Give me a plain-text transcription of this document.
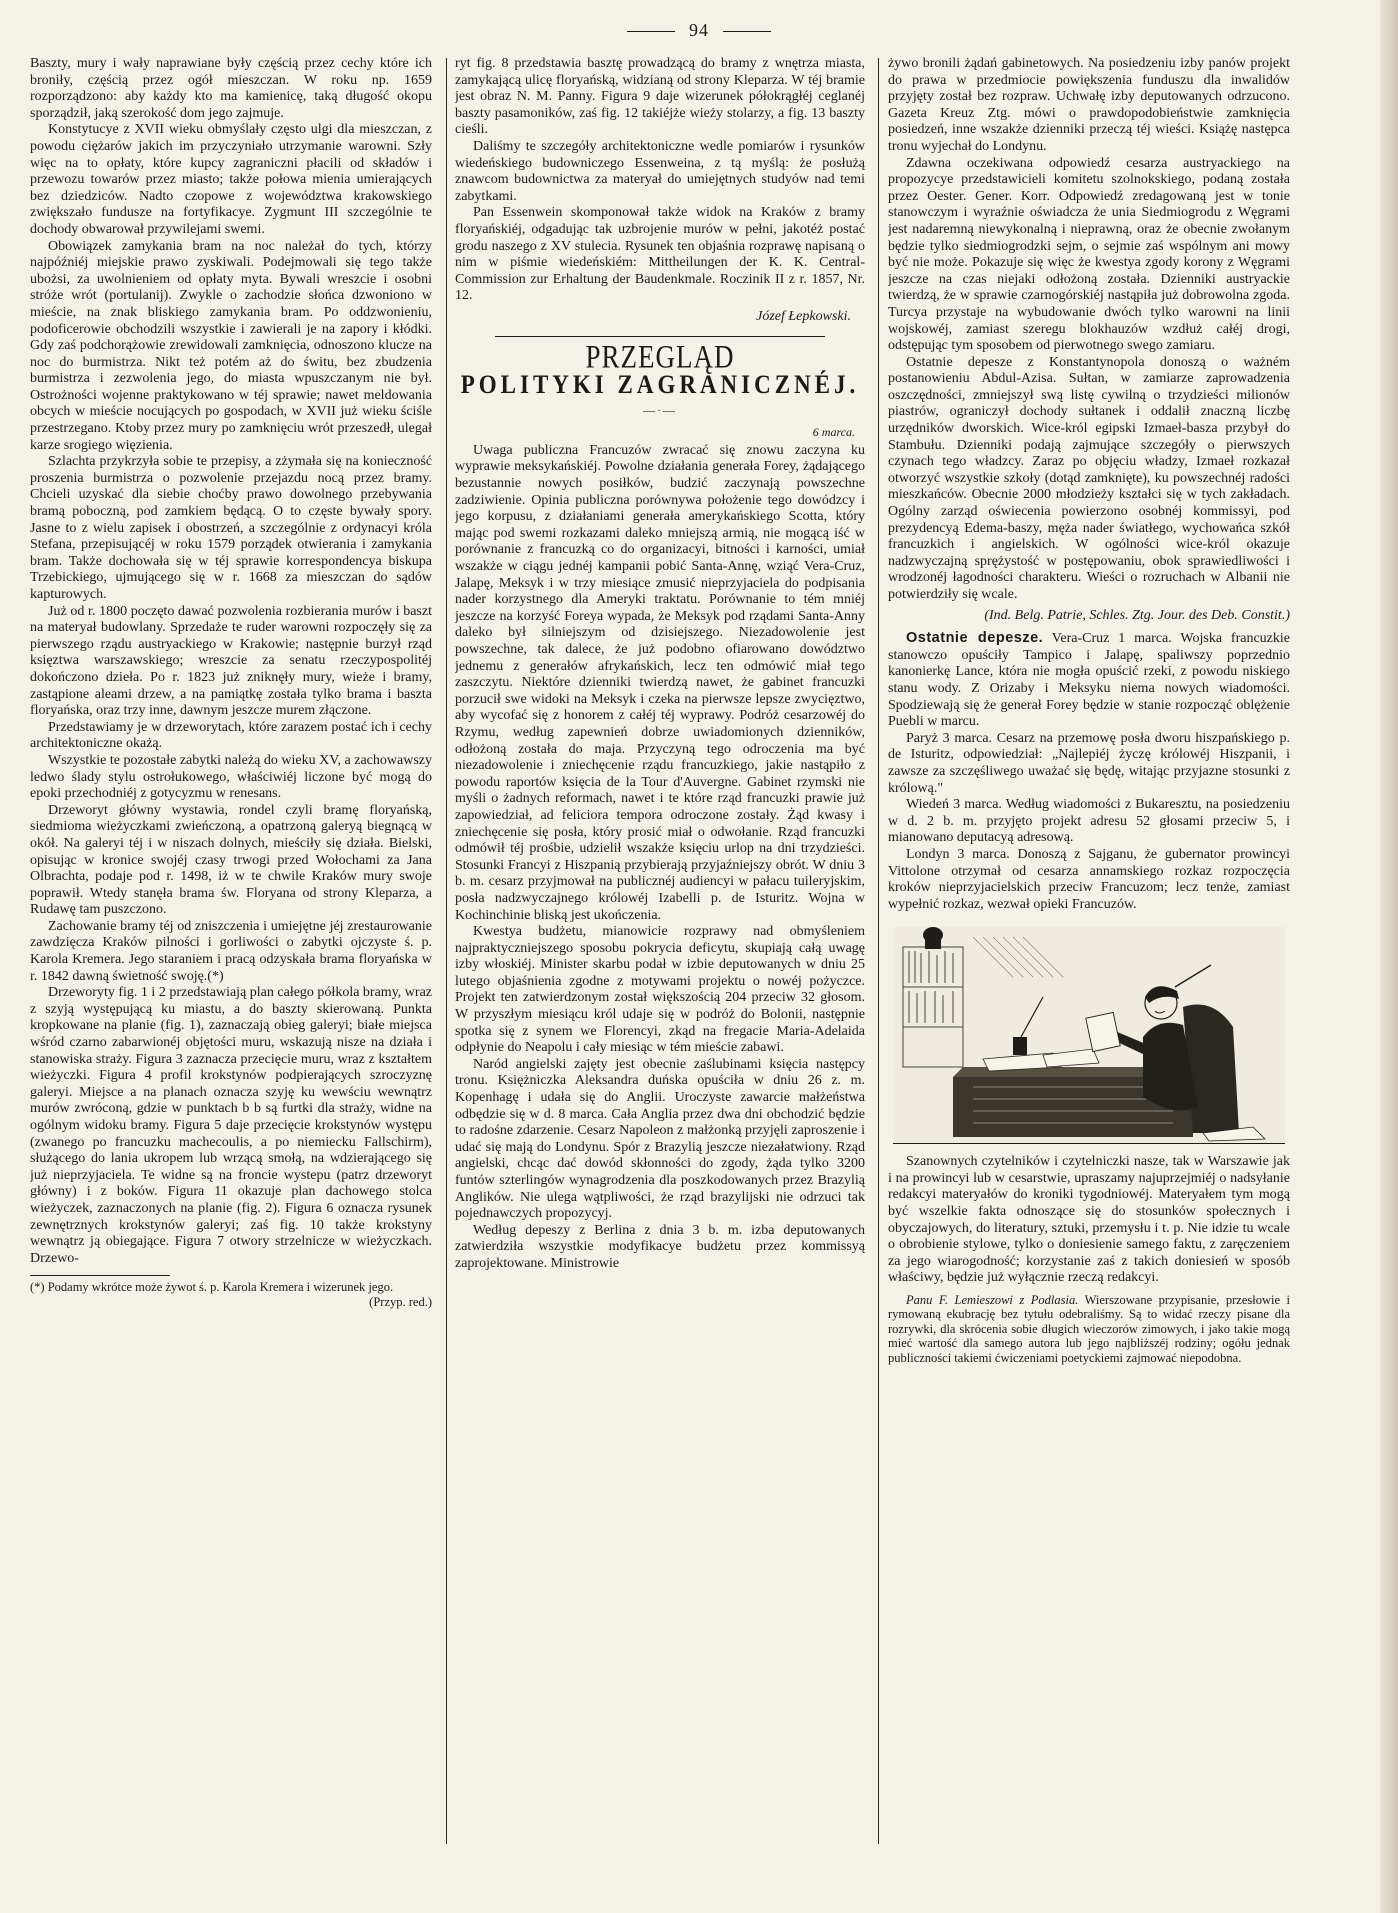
94

Baszty, mury i wały naprawiane były częścią przez cechy które ich broniły, częścią przez ogół mieszczan. W roku np. 1659 rozporządzono: aby każdy kto ma kamienicę, taką długość okopu sporządził, jaką szerokość dom jego zajmuje.

Konstytucye z XVII wieku obmyślały często ulgi dla mieszczan, z powodu ciężarów jakich im przyczyniało utrzymanie warowni. Szły więc na to opłaty, które kupcy zagraniczni płacili od składów i przewozu towarów przez miasto; także połowa mienia umierających bez dziedziców. Nadto czopowe z województwa krakowskiego zwiększało fundusze na fortyfikacye. Zygmunt III szczególnie te dochody obwarował przywilejami swemi.

Obowiązek zamykania bram na noc należał do tych, którzy najpóźniéj miejskie prawo zyskiwali. Podejmowali się tego także ubożsi, za uwolnieniem od opłaty myta. Bywali wreszcie i osobni stróże wrót (portulanij). Zwykle o zachodzie słońca dzwoniono w mieście, na znak bliskiego zamykania bram. Po oddzwonieniu, podoficerowie obchodzili wszystkie i zawierali je na zapory i kłódki. Gdy zaś podchorążowie zrewidowali zamknięcia, odnoszono klucze na noc do burmistrza. Nikt też potém aż do świtu, bez zbudzenia burmistrza i zezwolenia jego, do miasta wpuszczanym nie był. Ostrożności wojenne praktykowano w téj sprawie; nawet meldowania obcych w mieście nocujących po gospodach, w XVII już wieku ściśle przestrzegano. Ktoby przez mury po zamknięciu wrót przeszedł, ulegał karze srogiego więzienia.

Szlachta przykrzyła sobie te przepisy, a zżymała się na konieczność proszenia burmistrza o pozwolenie przejazdu nocą przez bramy. Chcieli uzyskać dla siebie choćby prawo dowolnego przebywania bramą poboczną, pod zamkiem będącą. O to częste bywały spory. Jasne to z wielu zapisek i obostrzeń, a szczególnie z ordynacyi króla Stefana, przepisującéj w roku 1579 porządek otwierania i zamykania bram. Także dochowała się w téj sprawie korrespondencya biskupa Trzebickiego, ujmującego się w r. 1668 za mieszczan do sądów kapturowych.

Już od r. 1800 poczęto dawać pozwolenia rozbierania murów i baszt na materyał budowlany. Sprzedaże te ruder warowni rozpoczęły się za pierwszego rządu austryackiego w Krakowie; następnie burzył rząd księztwa warszawskiego; wreszcie za senatu rzeczypospolitéj dokończono dzieła. Po r. 1823 już zniknęły mury, wieże i bramy, zastąpione aleami drzew, a na pamiątkę została tylko brama i baszta floryańska, oraz trzy inne, dawnym jeszcze murem złączone.

Przedstawiamy je w drzeworytach, które zarazem postać ich i cechy architektoniczne okażą.

Wszystkie te pozostałe zabytki należą do wieku XV, a zachowawszy ledwo ślady stylu ostrołukowego, właściwiéj liczone być mogą do epoki przechodniéj z gotycyzmu w renesans.

Drzeworyt główny wystawia, rondel czyli bramę floryańską, siedmioma wieżyczkami zwieńczoną, a opatrzoną galeryą biegnącą w okół. Na galeryi téj i w niszach dolnych, mieściły się działa. Bielski, opisując w kronice swojéj czasy trwogi przed Wołochami za Jana Olbrachta, podaje pod r. 1498, iż w te chwile Kraków mury swoje poprawił. Wtedy stanęła brama św. Floryana od strony Kleparza, a Rudawę tam puszczono.

Zachowanie bramy téj od zniszczenia i umiejętne jéj zrestaurowanie zawdzięcza Kraków pilności i gorliwości o zabytki ojczyste ś. p. Karola Kremera. Jego staraniem i pracą odzyskała brama floryańska w r. 1842 dawną świetność swoję.(*)

Drzeworyty fig. 1 i 2 przedstawiają plan całego półkola bramy, wraz z szyją występującą ku miastu, a do baszty skierowaną. Punkta kropkowane na planie (fig. 1), zaznaczają obieg galeryi; białe miejsca wśród czarno zabarwionéj objętości muru, wskazują nisze na działa i stanowiska straży. Figura 3 zaznacza przecięcie muru, wraz z kształtem wieżyczki. Figura 4 profil krokstynów podpierających szroczyznę galeryi. Miejsce a na planach oznacza szyję ku wewściu wewnątrz murów zwróconą, gdzie w punktach b b są furtki dla straży, widne na ogólnym widoku bramy. Figura 5 daje przecięcie krokstynów występu (zwanego po francuzku machecoulis, a po niemiecku Fallschirm), służącego do lania ukropem lub wrzącą smołą, na wdzierającego się już nieprzyjaciela. Te widne są na froncie wystepu (patrz drzeworyt główny) i z boków. Figura 11 okazuje plan dachowego stolca wieżyczek, zaznaczonych na planie (fig. 2). Figura 6 oznacza rysunek zewnętrznych krokstynów galeryi; zaś fig. 10 także krokstyny wewnątrz ją obiegające. Figura 7 otwory strzelnicze w wieżyczkach. Drzewo-

(*) Podamy wkrótce może żywot ś. p. Karola Kremera i wizerunek jego.
(Przyp. red.)

ryt fig. 8 przedstawia basztę prowadzącą do bramy z wnętrza miasta, zamykającą ulicę floryańską, widzianą od strony Kleparza. W téj bramie jest obraz N. M. Panny. Figura 9 daje wizerunek półokrągłéj ceglanéj baszty pasamoników, zaś fig. 12 takiéjże wieży stolarzy, a fig. 13 baszty cieśli.

Daliśmy te szczegóły architektoniczne wedle pomiarów i rysunków wiedeńskiego budowniczego Essenweina, z tą myślą: że posłużą znawcom budownictwa za materyał do umiejętnych studyów nad temi zabytkami.

Pan Essenwein skomponował także widok na Kraków z bramy floryańskiéj, odgadując tak uzbrojenie murów w pełni, jakotéż postać grodu naszego z XV stulecia. Rysunek ten objaśnia rozprawę napisaną o nim w piśmie wiedeńskiém: Mittheilungen der K. K. Central-Commission zur Erhaltung der Baudenkmale. Roczinik II z r. 1857, Nr. 12.

Józef Łepkowski.
PRZEGLĄD
POLITYKI ZAGRANICZNÉJ.
—·—
6 marca.

Uwaga publiczna Francuzów zwracać się znowu zaczyna ku wyprawie meksykańskiéj. Powolne działania generała Forey, żądającego bezustannie nowych posiłków, budzić zaczynają powszechne zadziwienie. Opinia publiczna porównywa położenie tego dowódzcy i jego korpusu, z działaniami generała amerykańskiego Scotta, który mając pod swemi rozkazami daleko mniejszą armią, nie mogącą iść w porównanie z francuzką co do organizacyi, bitności i karności, umiał wszakże w ciągu jednéj kampanii pobić Santa-Annę, wziąć Vera-Cruz, Jalapę, Meksyk i w trzy miesiące zmusić nieprzyjaciela do podpisania nader korzystnego dla Ameryki traktatu. Porównanie to tém mniéj jeszcze na korzyść Foreya wypada, że Meksyk pod rządami Santa-Anny daleko był silniejszym od dzisiejszego. Niezadowolenie jest powszechne, tak dalece, że już podobno ofiarowano dowództwo jednemu z generałów afrykańskich, lecz ten odmówić miał tego zaszczytu. Niektóre dzienniki twierdzą nawet, że gabinet francuzki porzucił swe widoki na Meksyk i czeka na pierwsze lepsze zwycięztwo, aby wycofać się z honorem z całéj téj wyprawy. Podróż cesarzowéj do Rzymu, według zapewnień dobrze uwiadomionych dzienników, odłożoną została do maja. Przyczyną tego odroczenia ma być niezadowolenie i zniechęcenie rządu francuzkiego, jakie nastąpiło z powodu raportów księcia de la Tour d'Auvergne. Gabinet rzymski nie myśli o żadnych reformach, nawet i te które rząd francuzki prawie już zapowiedział, ad feliciora tempora odroczone zostały. Żąd kwasy i zniechęcenie się posła, który prosić miał o odwołanie. Rząd francuzki odmówił téj prośbie, udzielił wszakże księciu urlop na dni trzydzieści. Stosunki Francyi z Hiszpanią przybierają przyjaźniejszy obrót. W dniu 3 b. m. cesarz przyjmował na publicznéj audiencyi w pałacu tuileryjskim, posła nadzwyczajnego królowéj Izabelli p. de Isturitz. Wojna w Kochinchinie bliską jest ukończenia.

Kwestya budżetu, mianowicie rozprawy nad obmyśleniem najpraktyczniejszego sposobu pokrycia deficytu, skupiają całą uwagę izby włoskiéj. Minister skarbu podał w izbie deputowanych w dniu 25 lutego objaśnienia zgodne z motywami projektu o nowéj pożyczce. Projekt ten zatwierdzonym został większością 204 przeciw 32 głosom. W przyszłym miesiącu król udaje się w podróż do Bolonii, następnie spotka się z synem we Florencyi, zkąd na fregacie Maria-Adelaida odpłynie do Neapolu i cały miesiąc w tém mieście zabawi.

Naród angielski zajęty jest obecnie zaślubinami księcia następcy tronu. Księżniczka Aleksandra duńska opuściła w dniu 26 z. m. Kopenhagę i udała się do Anglii. Uroczyste zawarcie małżeństwa odbędzie się w d. 8 marca. Cała Anglia przez dwa dni obchodzić będzie to radośne zdarzenie. Cesarz Napoleon z małżonką przyjęli zaproszenie i udać się mają do Londynu. Spór z Brazylią jeszcze niezałatwiony. Rząd angielski, chcąc dać dowód skłonności do zgody, żąda tylko 3200 funtów szterlingów wynagrodzenia dla poszkodowanych przez Brazylią Anglików. Nie ulega wątpliwości, że rząd brazylijski nie odrzuci tak pojednawczych propozycyj.

Według depeszy z Berlina z dnia 3 b. m. izba deputowanych zatwierdziła wszystkie modyfikacye budżetu przez kommissyą zaprojektowane. Ministrowie

żywo bronili żądań gabinetowych. Na posiedzeniu izby panów projekt do prawa w przedmiocie powiększenia funduszu dla inwalidów przyjęty został bez rozpraw. Uchwałę izby deputowanych odrzucono. Gazeta Kreuz Ztg. mówi o prawdopodobieństwie zamknięcia posiedzeń, inne wszakże dzienniki przeczą téj wieści. Książę następca tronu wyjechał do Londynu.

Zdawna oczekiwana odpowiedź cesarza austryackiego na propozycye przedstawicieli komitetu szolnokskiego, podaną została przez Oester. Gener. Korr. Odpowiedź zredagowaną jest w tonie stanowczym i wyraźnie oświadcza że unia Siedmiogrodu z Węgrami jest nadaremną niewykonalną i nieprawną, oraz że obecnie zwołanym będzie tylko siedmiogrodzki sejm, o sejmie zaś wspólnym ani mowy być nie może. Pokazuje się więc że kwestya zgody korony z Węgrami jeszcze na czas niejaki odłożoną została. Dzienniki austryackie twierdzą, że w sprawie czarnogórskiéj nastąpiła już dobrowolna zgoda. Turcya przystaje na wybudowanie dwóch tylko warowni na linii wojskowéj, zamiast szeregu blokhauzów wzdłuż całéj drogi, odstępując tym sposobem od pierwotnego swego zamiaru.

Ostatnie depesze z Konstantynopola donoszą o ważném postanowieniu Abdul-Azisa. Sułtan, w zamiarze zaprowadzenia oszczędności, zmniejszył swą listę cywilną o trzydzieści milionów piastrów, ograniczył dochody sułtanek i oddalił znaczną liczbę urzędników dworskich. Wice-król egipski Izmaeł-basza przybył do Stambułu. Dzienniki podają zajmujące szczegóły o pierwszych czynach tego władzcy. Zaraz po objęciu władzy, Izmaeł rozkazał otworzyć wszystkie szkoły (dotąd zamknięte), ku powszechnéj radości mieszkańców. Obecnie 2000 młodzieży kształci się w tych zakładach. Ogólny zarząd oświecenia powierzono osobnéj kommissyi, pod prezydencyą Edema-baszy, męża nader światłego, wychowańca szkół francuzkich i angielskich. W ogólności wice-król okazuje nadzwyczajną sprężystość w postępowaniu, obok sprawiedliwości i wrodzonéj łagodności charakteru. Wieści o rozruchach w Albanii nie potwierdziły się wcale.

(Ind. Belg. Patrie, Schles. Ztg. Jour. des Deb. Constit.)

Ostatnie depesze. Vera-Cruz 1 marca. Wojska francuzkie stanowczo opuściły Tampico i Jalapę, spaliwszy poprzednio kanonierkę Lance, która nie mogła opuścić rzeki, z powodu niskiego stanu wody. Z Orizaby i Meksyku niema nowych wiadomości. Spodziewają się że generał Forey będzie w stanie rozpocząć oblężenie Puebli w marcu.

Paryż 3 marca. Cesarz na przemowę posła dworu hiszpańskiego p. de Isturitz, odpowiedział: „Najlepiéj życzę królowéj Hiszpanii, i zawsze za szczęśliwego uważać się będę, witając przyjazne stosunki z królową."

Wiedeń 3 marca. Według wiadomości z Bukaresztu, na posiedzeniu w d. 2 b. m. przyjęto projekt adresu 52 głosami przeciw 5, i mianowano deputacyą adresową.

Londyn 3 marca. Donoszą z Sajganu, że gubernator prowincyi Vittolone otrzymał od cesarza annamskiego rozkaz rozpoczęcia kroków nieprzyjacielskich przeciw Francuzom; lecz tenże, zamiast wypełnić rozkaz, wezwał opieki Francuzów.

Szanownych czytelników i czytelniczki nasze, tak w Warszawie jak i na prowincyi lub w cesarstwie, upraszamy najuprzejmiéj o nadsyłanie redakcyi materyałów do kroniki tygodniowéj. Materyałem tym mogą być wszelkie fakta odnoszące się do stosunków społecznych i obyczajowych, do literatury, sztuki, przemysłu i t. p. Nie idzie tu wcale o obrobienie stylowe, tylko o doniesienie samego faktu, z zaręczeniem za jego wiarogodność; korzystanie zaś z takich doniesień w sposób właściwy, będzie już wyłącznie rzeczą redakcyi.

Panu F. Lemieszowi z Podlasia. Wierszowane przypisanie, przesłowie i rymowaną ekubrację bez tytułu odebraliśmy. Są to widać rzeczy pisane dla rozrywki, dla skrócenia sobie długich wieczorów zimowych, i jako takie mogą mieć wartość dla samego autora lub jego najbliższéj rodziny; ogółu jednak publiczności takiemi ćwiczeniami poetyckiemi zajmować niepodobna.
